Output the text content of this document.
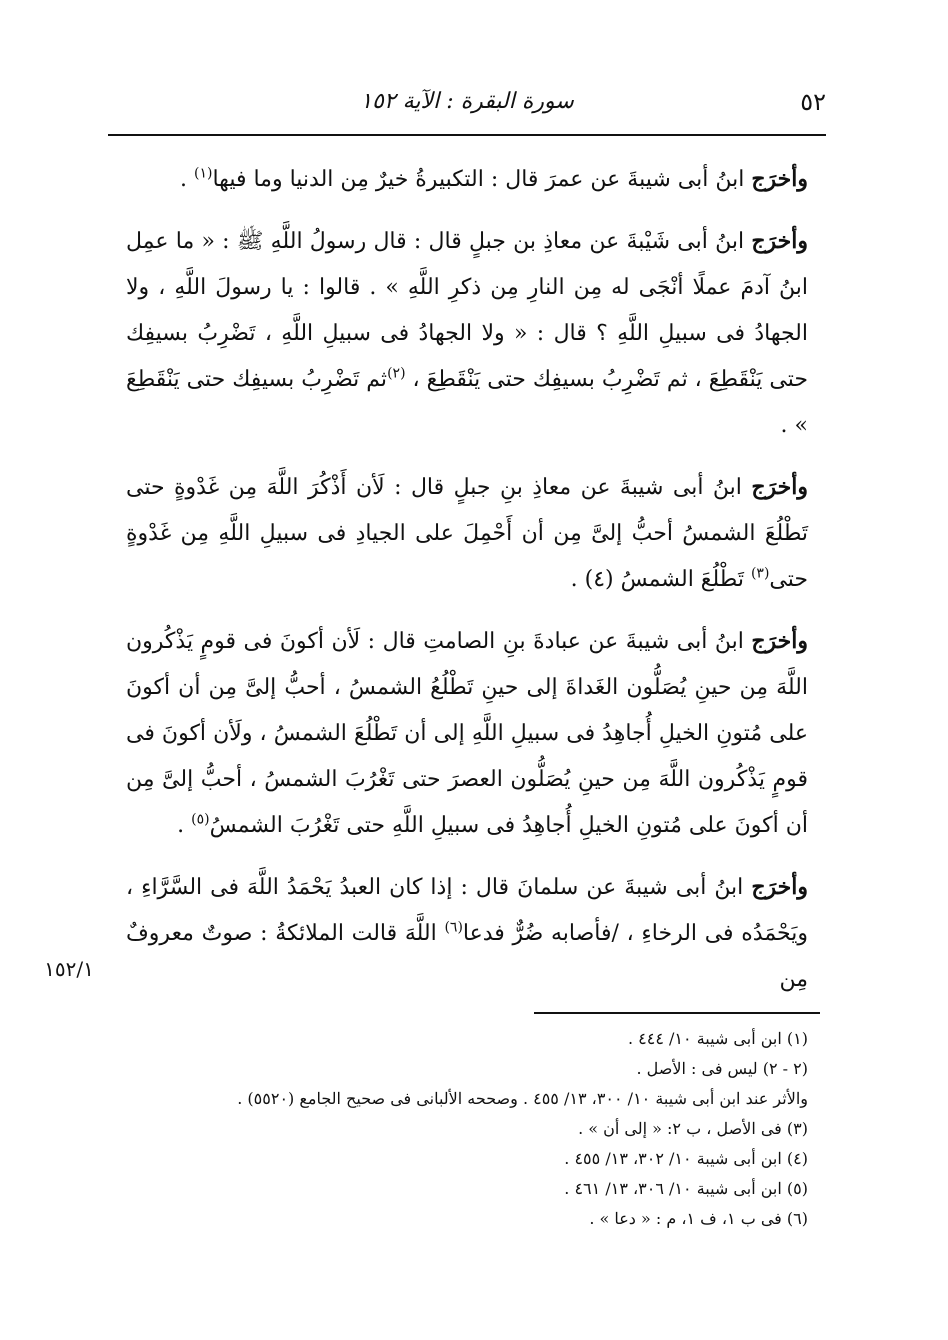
٥٢
سورة البقرة : الآية ١٥٢

وأخرَج ابنُ أبى شيبةَ عن عمرَ قال : التكبيرةُ خيرٌ مِن الدنيا وما فيها$^{(١)}$ .

وأخرَج ابنُ أبى شَيْبةَ عن معاذِ بن جبلٍ قال : قال رسولُ اللَّهِ ﷺ : « ما عمِل ابنُ آدمَ عملًا أنْجَى له مِن النارِ مِن ذكرِ اللَّهِ » . قالوا : يا رسولَ اللَّهِ ، ولا الجهادُ فى سبيلِ اللَّهِ ؟ قال : « ولا الجهادُ فى سبيلِ اللَّهِ ، تَضْرِبُ بسيفِك حتى يَنْقَطِعَ ، ثم تَضْرِبُ بسيفِك حتى يَنْقَطِعَ ، $^{(٢)}$ثم تَضْرِبُ بسيفِك حتى يَنْقَطِعَ » .

وأخرَج ابنُ أبى شيبةَ عن معاذِ بنِ جبلٍ قال : لَأن أَذْكُرَ اللَّهَ مِن غَدْوةٍ حتى تَطْلُعَ الشمسُ أحبُّ إلىَّ مِن أن أَحْمِلَ على الجيادِ فى سبيلِ اللَّهِ مِن غَدْوةٍ حتى$^{(٣)}$ تَطْلُعَ الشمسُ (٤) .

وأخرَج ابنُ أبى شيبةَ عن عبادةَ بنِ الصامتِ قال : لَأن أكونَ فى قومٍ يَذْكُرون اللَّهَ مِن حينِ يُصَلُّون الغَداةَ إلى حينِ تَطْلُعُ الشمسُ ، أحبُّ إلىَّ مِن أن أكونَ على مُتونِ الخيلِ أُجاهِدُ فى سبيلِ اللَّهِ إلى أن تَطْلُعَ الشمسُ ، ولَأن أكونَ فى قومٍ يَذْكُرون اللَّهَ مِن حينِ يُصَلُّون العصرَ حتى تَغْرُبَ الشمسُ ، أحبُّ إلىَّ مِن أن أكونَ على مُتونِ الخيلِ أُجاهِدُ فى سبيلِ اللَّهِ حتى تَغْرُبَ الشمسُ$^{(٥)}$ .

وأخرَج ابنُ أبى شيبةَ عن سلمانَ قال : إذا كان العبدُ يَحْمَدُ اللَّهَ فى السَّرَّاءِ ، ويَحْمَدُه فى الرخاءِ ، /فأصابه ضُرٌّ فدعا$^{(٦)}$ اللَّهَ قالت الملائكةُ : صوتٌ معروفٌ مِن

١٥٢/١
(١) ابن أبى شيبة ١٠/ ٤٤٤ .
(٢ - ٢) ليس فى : الأصل .
والأثر عند ابن أبى شيبة ١٠/ ٣٠٠، ١٣/ ٤٥٥ . وصححه الألبانى فى صحيح الجامع (٥٥٢٠) .
(٣) فى الأصل ، ب ٢: « إلى أن » .
(٤) ابن أبى شيبة ١٠/ ٣٠٢، ١٣/ ٤٥٥ .
(٥) ابن أبى شيبة ١٠/ ٣٠٦، ١٣/ ٤٦١ .
(٦) فى ب ١، ف ١، م : « دعا » .
